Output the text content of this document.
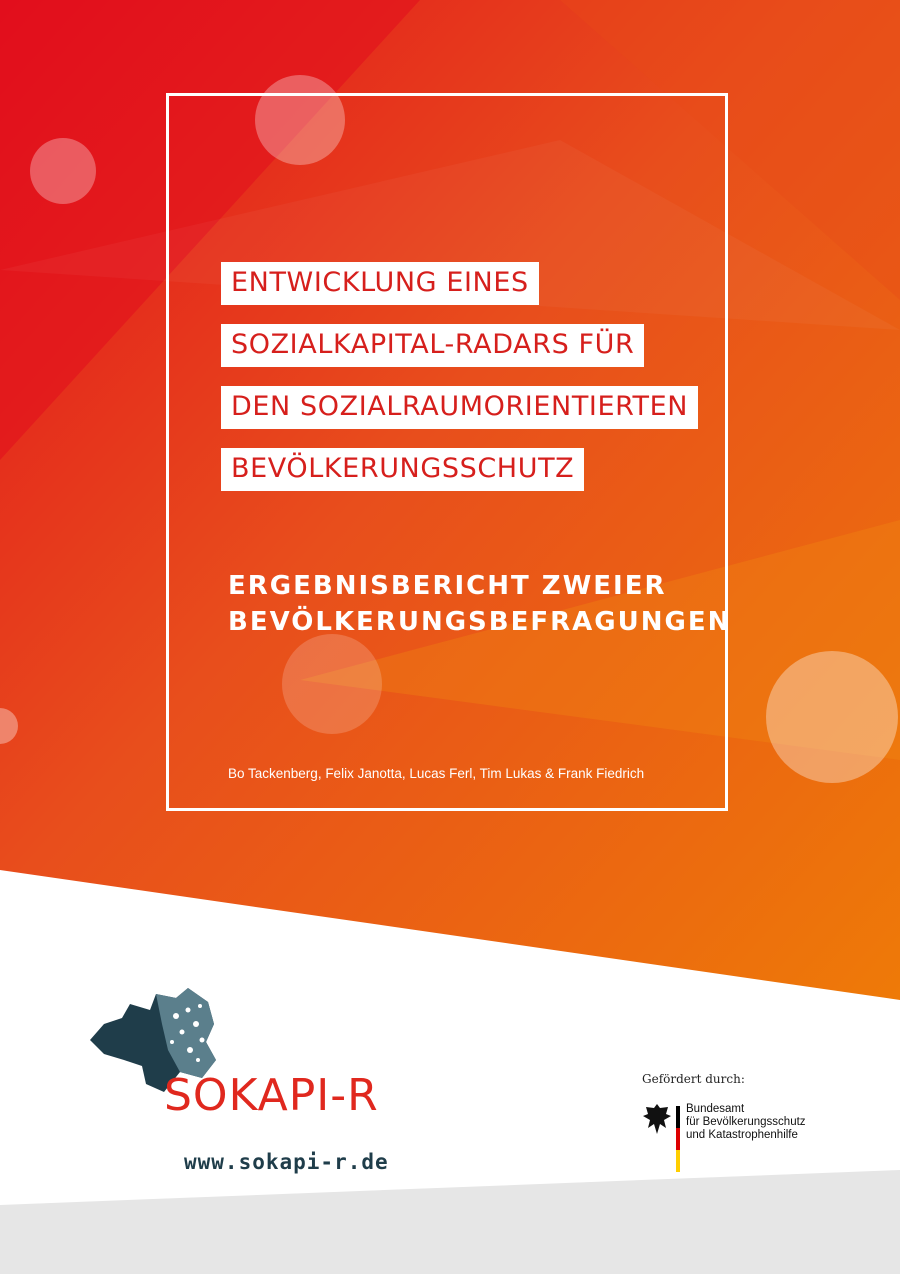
ENTWICKLUNG EINES
SOZIALKAPITAL-RADARS FÜR
DEN SOZIALRAUMORIENTIERTEN
BEVÖLKERUNGSSCHUTZ
ERGEBNISBERICHT ZWEIER
BEVÖLKERUNGSBEFRAGUNGEN
Bo Tackenberg, Felix Janotta, Lucas Ferl, Tim Lukas & Frank Fiedrich
SOKAPI-R
www.sokapi-r.de
Gefördert durch:
Bundesamt
für Bevölkerungsschutz
und Katastrophenhilfe
